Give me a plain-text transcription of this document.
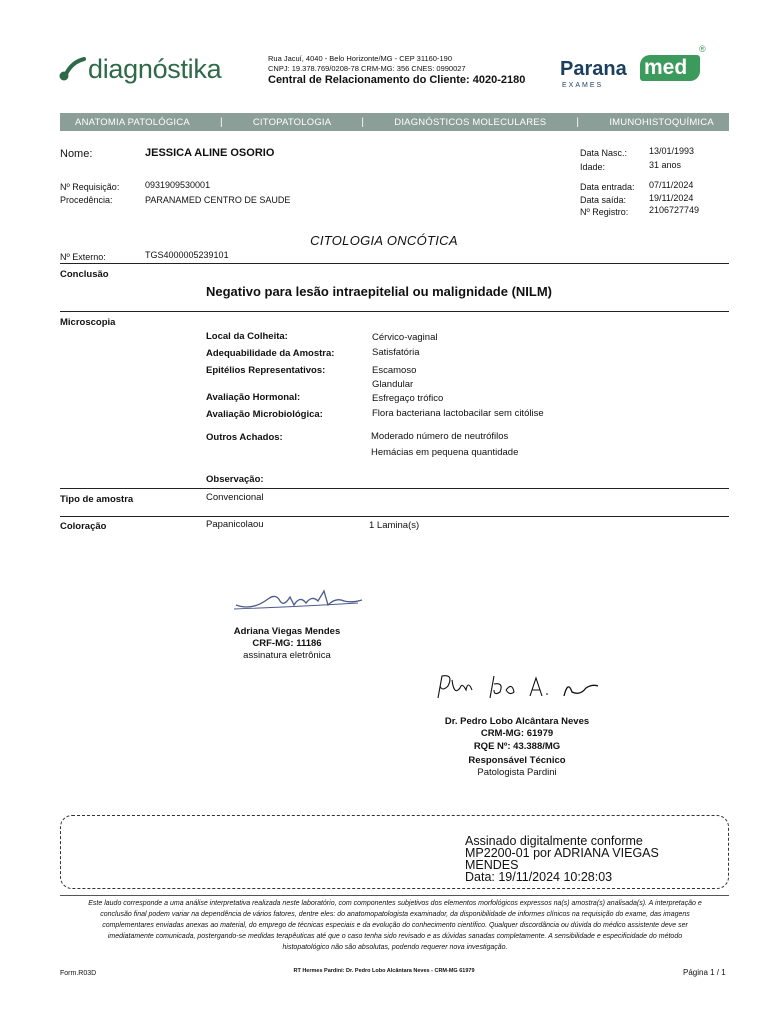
diagnóstika	Rua Jacuí, 4040 - Belo Horizonte/MG - CEP 31160-190
CNPJ: 19.378.769/0208-78 CRM-MG: 356 CNES: 0990027
Central de Relacionamento do Cliente: 4020-2180 Parana med
EXAMES
®
ANATOMIA PATOLÓGICA	|	CITOPATOLOGIA	|	DIAGNÓSTICOS MOLECULARES	|	IMUNOHISTOQUÍMICA
Nome:	JESSICA ALINE OSORIO
Nº Requisição:	0931909530001
Procedência:	PARANAMED CENTRO DE SAUDE
Data Nasc.: 13/01/1993
Idade:	31 anos
Data entrada: 07/11/2024
Data saída:	19/11/2024
Nº Registro: 2106727749
CITOLOGIA ONCÓTICA
Nº Externo:	TGS4000005239101
Conclusão
Negativo para lesão intraepitelial ou malignidade (NILM)
Microscopia
Local da Colheita:	Cérvico-vaginal
Adequabilidade da Amostra:	Satisfatória
Epitélios Representativos:	Escamoso
Glandular
Avaliação Hormonal:	Esfregaço trófico
Avaliação Microbiológica:	Flora bacteriana lactobacilar sem citólise
Outros Achados:	Moderado número de neutrófilos
Hemácias em pequena quantidade
Observação:
Tipo de amostra	Convencional
Coloração	Papanicolaou	1 Lamina(s)
Adriana Viegas Mendes
CRF-MG: 11186
assinatura eletrônica
Dr. Pedro Lobo Alcântara Neves
CRM-MG: 61979
RQE Nº: 43.388/MG
Responsável Técnico
Patologista Pardini
Assinado digitalmente conforme
MP2200-01 por ADRIANA VIEGAS
MENDES
Data: 19/11/2024 10:28:03
Este laudo corresponde a uma análise interpretativa realizada neste laboratório, com componentes subjetivos dos elementos morfológicos expressos na(s) amostra(s) analisada(s). A interpretação e conclusão final podem variar na dependência de vários fatores, dentre eles: do anatomopatologista examinador, da disponibilidade de informes clínicos na requisição do exame, das imagens complementares enviadas anexas ao material, do emprego de técnicas especiais e da evolução do conhecimento científico. Qualquer discordância ou dúvida do médico assistente deve ser imediatamente comunicada, postergando-se medidas terapêuticas até que o caso tenha sido revisado e as dúvidas sanadas completamente. A sensibilidade e especificidade do método histopatológico não são absolutas, podendo requerer nova investigação.
Form.R03D	RT Hermes Pardini: Dr. Pedro Lobo Alcântara Neves - CRM-MG 61979	Página 1 / 1
